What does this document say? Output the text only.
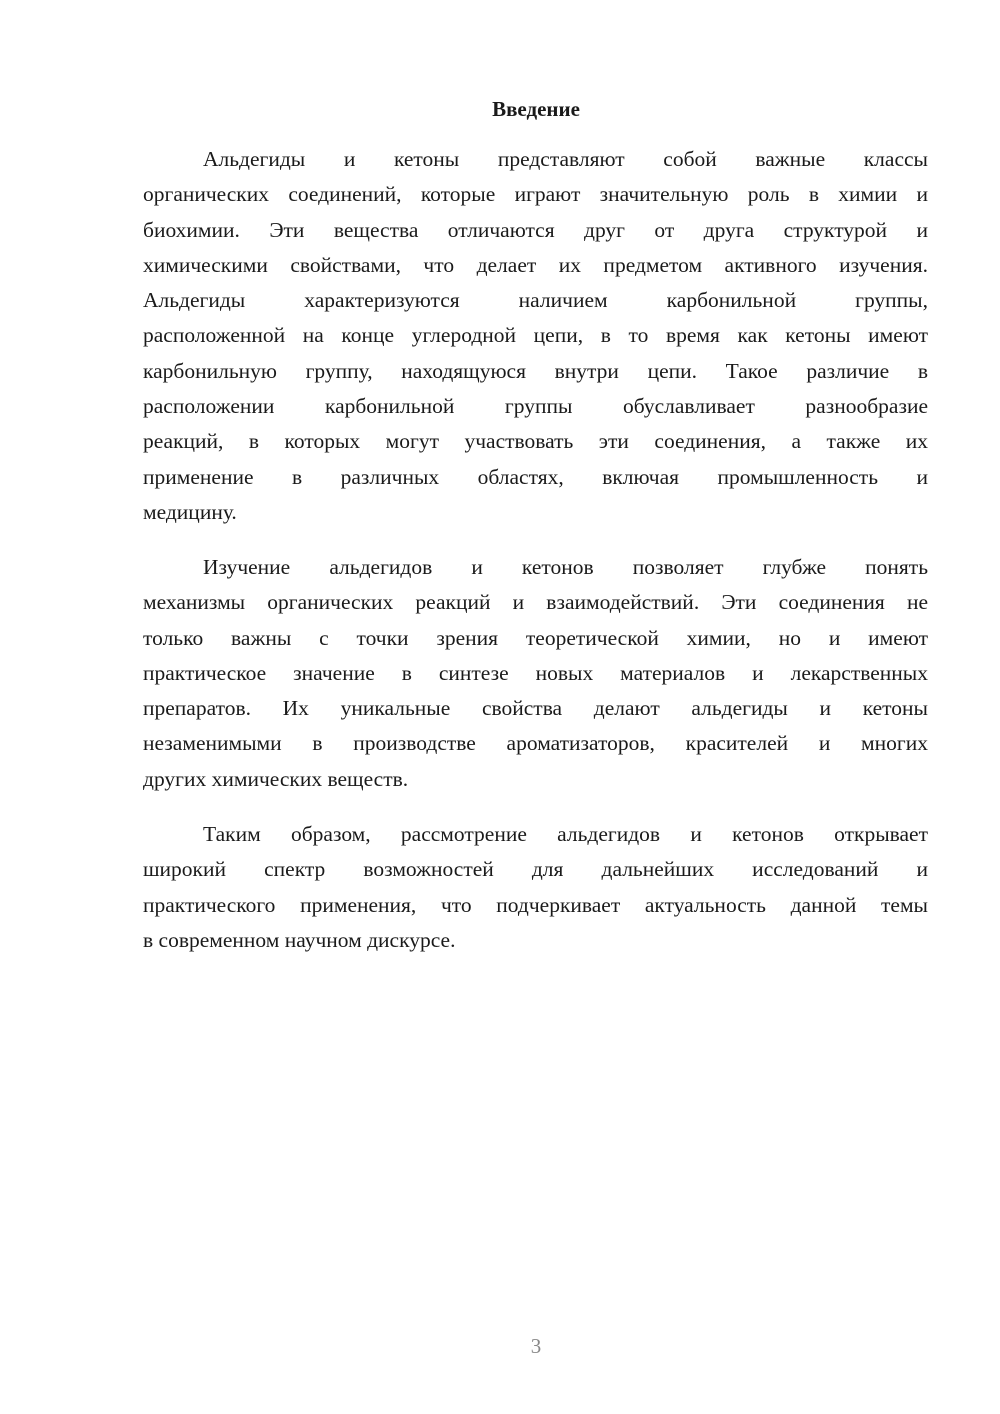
Введение
Альдегиды и кетоны представляют собой важные классы
органических соединений, которые играют значительную роль в химии и
биохимии. Эти вещества отличаются друг от друга структурой и
химическими свойствами, что делает их предметом активного изучения.
Альдегиды характеризуются наличием карбонильной группы,
расположенной на конце углеродной цепи, в то время как кетоны имеют
карбонильную группу, находящуюся внутри цепи. Такое различие в
расположении карбонильной группы обуславливает разнообразие
реакций, в которых могут участвовать эти соединения, а также их
применение в различных областях, включая промышленность и
медицину.
Изучение альдегидов и кетонов позволяет глубже понять
механизмы органических реакций и взаимодействий. Эти соединения не
только важны с точки зрения теоретической химии, но и имеют
практическое значение в синтезе новых материалов и лекарственных
препаратов. Их уникальные свойства делают альдегиды и кетоны
незаменимыми в производстве ароматизаторов, красителей и многих
других химических веществ.
Таким образом, рассмотрение альдегидов и кетонов открывает
широкий спектр возможностей для дальнейших исследований и
практического применения, что подчеркивает актуальность данной темы
в современном научном дискурсе.
3
